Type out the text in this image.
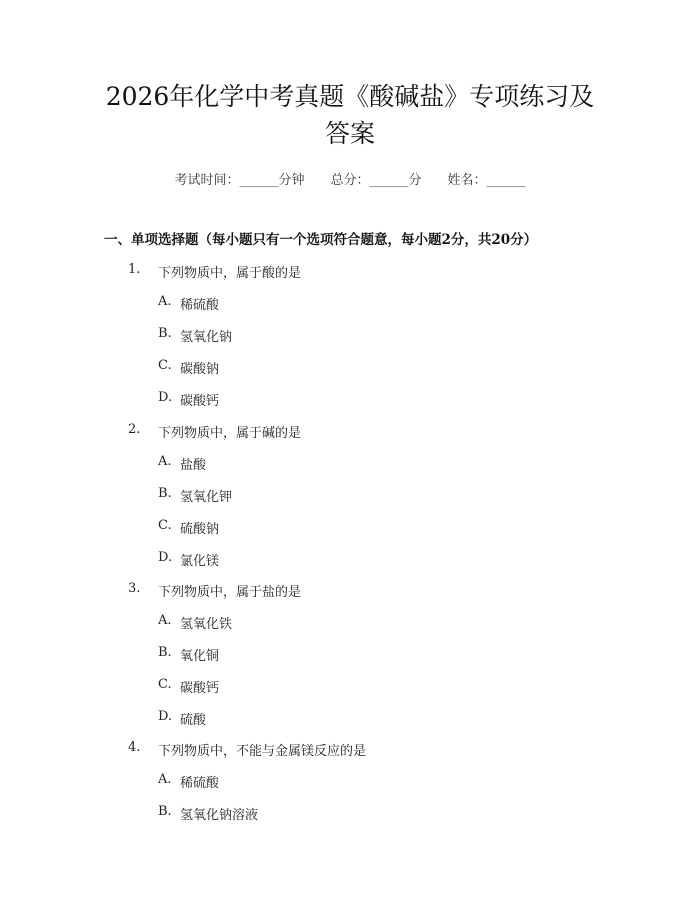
2026年化学中考真题《酸碱盐》专项练习及
答案
考试时间：______分钟 总分：______分 姓名：______
一、单项选择题（每小题只有一个选项符合题意，每小题2分，共20分）
1. 下列物质中，属于酸的是
A. 稀硫酸
B. 氢氧化钠
C. 碳酸钠
D. 碳酸钙
2. 下列物质中，属于碱的是
A. 盐酸
B. 氢氧化钾
C. 硫酸钠
D. 氯化镁
3. 下列物质中，属于盐的是
A. 氢氧化铁
B. 氧化铜
C. 碳酸钙
D. 硫酸
4. 下列物质中，不能与金属镁反应的是
A. 稀硫酸
B. 氢氧化钠溶液
